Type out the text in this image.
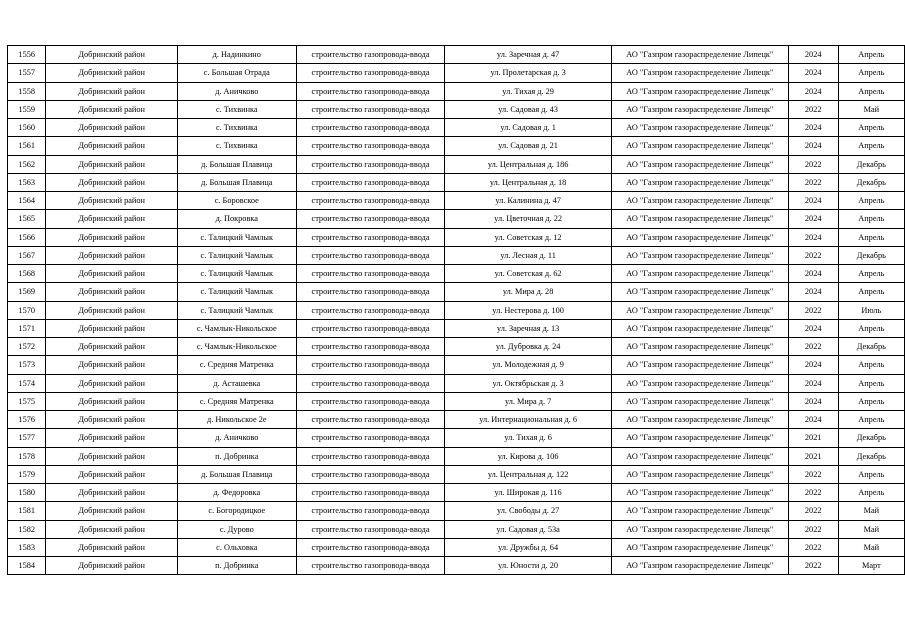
1556	Добринский район	д. Надинкино	строительство газопровода-ввода	ул. Заречная д. 47	АО "Газпром газораспределение Липецк"	2024	Апрель
1557	Добринский район	с. Большая Отрада	строительство газопровода-ввода	ул. Пролетарская д. 3	АО "Газпром газораспределение Липецк"	2024	Апрель
1558	Добринский район	д. Аничково	строительство газопровода-ввода	ул. Тихая д. 29	АО "Газпром газораспределение Липецк"	2024	Апрель
1559	Добринский район	с. Тихвинка	строительство газопровода-ввода	ул. Садовая д. 43	АО "Газпром газораспределение Липецк"	2022	Май
1560	Добринский район	с. Тихвинка	строительство газопровода-ввода	ул. Садовая д. 1	АО "Газпром газораспределение Липецк"	2024	Апрель
1561	Добринский район	с. Тихвинка	строительство газопровода-ввода	ул. Садовая д. 21	АО "Газпром газораспределение Липецк"	2024	Апрель
1562	Добринский район	д. Большая Плавица	строительство газопровода-ввода	ул. Центральная д. 186	АО "Газпром газораспределение Липецк"	2022	Декабрь
1563	Добринский район	д. Большая Плавица	строительство газопровода-ввода	ул. Центральная д. 18	АО "Газпром газораспределение Липецк"	2022	Декабрь
1564	Добринский район	с. Боровское	строительство газопровода-ввода	ул. Калинина д. 47	АО "Газпром газораспределение Липецк"	2024	Апрель
1565	Добринский район	д. Покровка	строительство газопровода-ввода	ул. Цветочная д. 22	АО "Газпром газораспределение Липецк"	2024	Апрель
1566	Добринский район	с. Талицкий Чамлык	строительство газопровода-ввода	ул. Советская д. 12	АО "Газпром газораспределение Липецк"	2024	Апрель
1567	Добринский район	с. Талицкий Чамлык	строительство газопровода-ввода	ул. Лесная д. 11	АО "Газпром газораспределение Липецк"	2022	Декабрь
1568	Добринский район	с. Талицкий Чамлык	строительство газопровода-ввода	ул. Советская д. 62	АО "Газпром газораспределение Липецк"	2024	Апрель
1569	Добринский район	с. Талицкий Чамлык	строительство газопровода-ввода	ул. Мира д. 28	АО "Газпром газораспределение Липецк"	2024	Апрель
1570	Добринский район	с. Талицкий Чамлык	строительство газопровода-ввода	ул. Нестерова д. 100	АО "Газпром газораспределение Липецк"	2022	Июль
1571	Добринский район	с. Чамлык-Никольское	строительство газопровода-ввода	ул. Заречная д. 13	АО "Газпром газораспределение Липецк"	2024	Апрель
1572	Добринский район	с. Чамлык-Никольское	строительство газопровода-ввода	ул. Дубровка д. 24	АО "Газпром газораспределение Липецк"	2022	Декабрь
1573	Добринский район	с. Средняя Матренка	строительство газопровода-ввода	ул. Молодежная д. 9	АО "Газпром газораспределение Липецк"	2024	Апрель
1574	Добринский район	д. Асташевка	строительство газопровода-ввода	ул. Октябрьская д. 3	АО "Газпром газораспределение Липецк"	2024	Апрель
1575	Добринский район	с. Средняя Матренка	строительство газопровода-ввода	ул. Мира д. 7	АО "Газпром газораспределение Липецк"	2024	Апрель
1576	Добринский район	д. Никольское 2е	строительство газопровода-ввода	ул. Интернациональная д. 6	АО "Газпром газораспределение Липецк"	2024	Апрель
1577	Добринский район	д. Аничково	строительство газопровода-ввода	ул. Тихая д. 6	АО "Газпром газораспределение Липецк"	2021	Декабрь
1578	Добринский район	п. Добринка	строительство газопровода-ввода	ул. Кирова д. 106	АО "Газпром газораспределение Липецк"	2021	Декабрь
1579	Добринский район	д. Большая Плавица	строительство газопровода-ввода	ул. Центральная д. 122	АО "Газпром газораспределение Липецк"	2022	Апрель
1580	Добринский район	д. Федоровка	строительство газопровода-ввода	ул. Широкая д. 116	АО "Газпром газораспределение Липецк"	2022	Апрель
1581	Добринский район	с. Богородицкое	строительство газопровода-ввода	ул. Свободы д. 27	АО "Газпром газораспределение Липецк"	2022	Май
1582	Добринский район	с. Дурово	строительство газопровода-ввода	ул. Садовая д. 53а	АО "Газпром газораспределение Липецк"	2022	Май
1583	Добринский район	с. Ольховка	строительство газопровода-ввода	ул. Дружбы д. 64	АО "Газпром газораспределение Липецк"	2022	Май
1584	Добринский район	п. Добринка	строительство газопровода-ввода	ул. Юности д. 20	АО "Газпром газораспределение Липецк"	2022	Март
